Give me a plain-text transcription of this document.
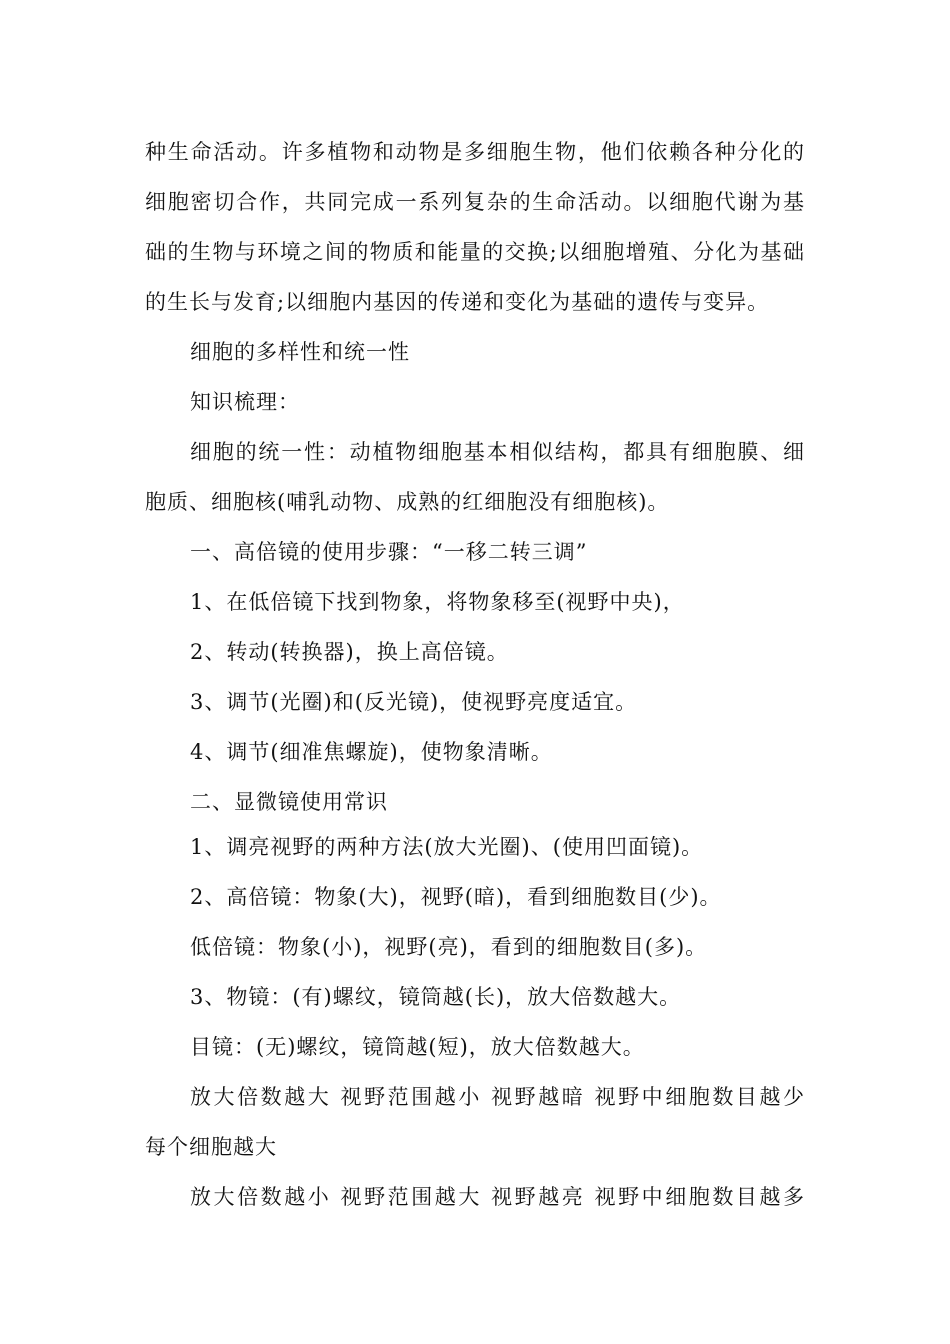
种生命活动。许多植物和动物是多细胞生物，他们依赖各种分化的
细胞密切合作，共同完成一系列复杂的生命活动。以细胞代谢为基
础的生物与环境之间的物质和能量的交换;以细胞增殖、分化为基础
的生长与发育;以细胞内基因的传递和变化为基础的遗传与变异。
细胞的多样性和统一性
知识梳理：
细胞的统一性：动植物细胞基本相似结构，都具有细胞膜、细
胞质、细胞核(哺乳动物、成熟的红细胞没有细胞核)。
一、高倍镜的使用步骤：“一移二转三调”
1、在低倍镜下找到物象，将物象移至(视野中央)，
2、转动(转换器)，换上高倍镜。
3、调节(光圈)和(反光镜)，使视野亮度适宜。
4、调节(细准焦螺旋)，使物象清晰。
二、显微镜使用常识
1、调亮视野的两种方法(放大光圈)、(使用凹面镜)。
2、高倍镜：物象(大)，视野(暗)，看到细胞数目(少)。
低倍镜：物象(小)，视野(亮)，看到的细胞数目(多)。
3、物镜：(有)螺纹，镜筒越(长)，放大倍数越大。
目镜：(无)螺纹，镜筒越(短)，放大倍数越大。
放大倍数越大 视野范围越小 视野越暗 视野中细胞数目越少
每个细胞越大
放大倍数越小 视野范围越大 视野越亮 视野中细胞数目越多
